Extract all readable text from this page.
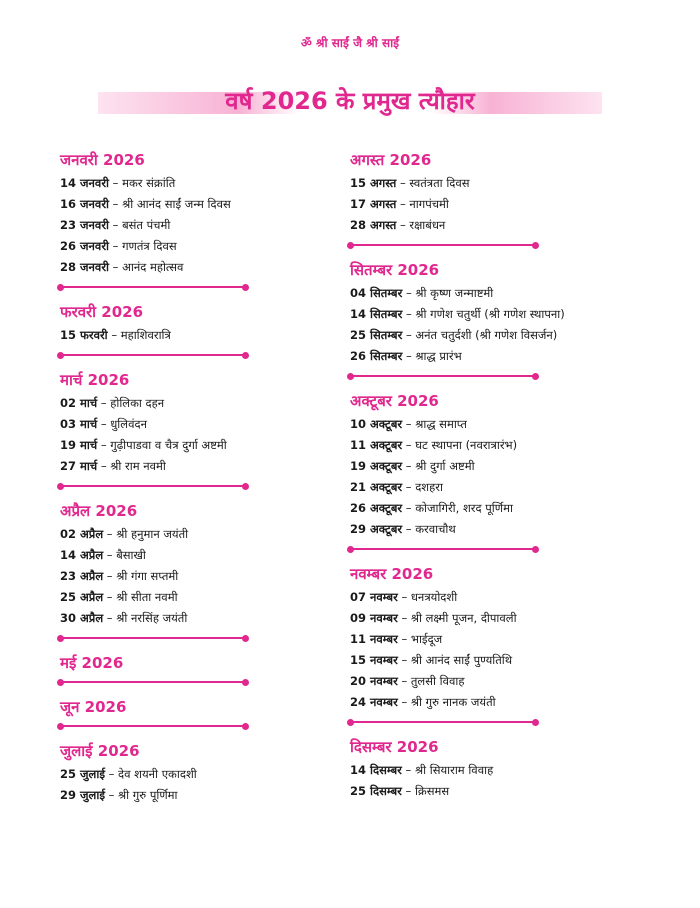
ॐ श्री साईं जै श्री साईं
वर्ष 2026 के प्रमुख त्यौहार
जनवरी 2026
14 जनवरी – मकर संक्रांति
16 जनवरी – श्री आनंद साईं जन्म दिवस
23 जनवरी – बसंत पंचमी
26 जनवरी – गणतंत्र दिवस
28 जनवरी – आनंद महोत्सव
फरवरी 2026
15 फरवरी – महाशिवरात्रि
मार्च 2026
02 मार्च – होलिका दहन
03 मार्च – धुलिवंदन
19 मार्च – गुढ़ीपाडवा व चैत्र दुर्गा अष्टमी
27 मार्च – श्री राम नवमी
अप्रैल 2026
02 अप्रैल – श्री हनुमान जयंती
14 अप्रैल – बैसाखी
23 अप्रैल – श्री गंगा सप्तमी
25 अप्रैल – श्री सीता नवमी
30 अप्रैल – श्री नरसिंह जयंती
मई 2026
जून 2026
जुलाई 2026
25 जुलाई – देव शयनी एकादशी
29 जुलाई – श्री गुरु पूर्णिमा
अगस्त 2026
15 अगस्त – स्वतंत्रता दिवस
17 अगस्त – नागपंचमी
28 अगस्त – रक्षाबंधन
सितम्बर 2026
04 सितम्बर – श्री कृष्ण जन्माष्टमी
14 सितम्बर – श्री गणेश चतुर्थी (श्री गणेश स्थापना)
25 सितम्बर – अनंत चतुर्दशी (श्री गणेश विसर्जन)
26 सितम्बर – श्राद्ध प्रारंभ
अक्टूबर 2026
10 अक्टूबर – श्राद्ध समाप्त
11 अक्टूबर – घट स्थापना (नवरात्रारंभ)
19 अक्टूबर – श्री दुर्गा अष्टमी
21 अक्टूबर – दशहरा
26 अक्टूबर – कोजागिरी, शरद पूर्णिमा
29 अक्टूबर – करवाचौथ
नवम्बर 2026
07 नवम्बर – धनत्रयोदशी
09 नवम्बर – श्री लक्ष्मी पूजन, दीपावली
11 नवम्बर – भाईदूज
15 नवम्बर – श्री आनंद साईं पुण्यतिथि
20 नवम्बर – तुलसी विवाह
24 नवम्बर – श्री गुरु नानक जयंती
दिसम्बर 2026
14 दिसम्बर – श्री सियाराम विवाह
25 दिसम्बर – क्रिसमस
